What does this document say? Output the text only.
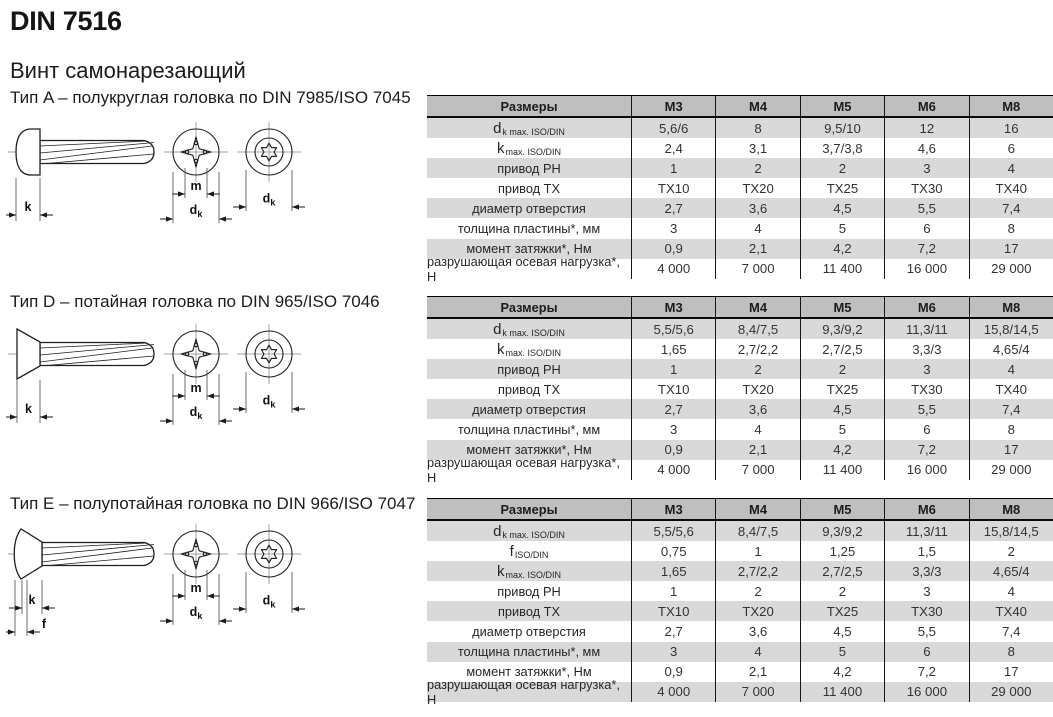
DIN 7516
Винт самонарезающий
Тип A – полукруглая головка по DIN 7985/ISO 7045
Тип D – потайная головка по DIN 965/ISO 7046
Тип E – полупотайная головка по DIN 966/ISO 7047
k
m
$d_k$
$d_k$
k
m
$d_k$
$d_k$
k
f
m
$d_k$
$d_k$
Размеры	M3	M4	M5	M6	M8
d k max. ISO/DIN	5,6/6	8	9,5/10	12	16
k max. ISO/DIN	2,4	3,1	3,7/3,8	4,6	6
привод PH	1	2	2	3	4
привод TX	TX10	TX20	TX25	TX30	TX40
диаметр отверстия	2,7	3,6	4,5	5,5	7,4
толщина пластины*, мм	3	4	5	6	8
момент затяжки*, Нм	0,9	2,1	4,2	7,2	17
разрушающая осевая нагрузка*, Н	4 000	7 000	11 400	16 000	29 000
Размеры	M3	M4	M5	M6	M8
d k max. ISO/DIN	5,5/5,6	8,4/7,5	9,3/9,2	11,3/11	15,8/14,5
k max. ISO/DIN	1,65	2,7/2,2	2,7/2,5	3,3/3	4,65/4
привод PH	1	2	2	3	4
привод TX	TX10	TX20	TX25	TX30	TX40
диаметр отверстия	2,7	3,6	4,5	5,5	7,4
толщина пластины*, мм	3	4	5	6	8
момент затяжки*, Нм	0,9	2,1	4,2	7,2	17
разрушающая осевая нагрузка*, Н	4 000	7 000	11 400	16 000	29 000
Размеры	M3	M4	M5	M6	M8
d k max. ISO/DIN	5,5/5,6	8,4/7,5	9,3/9,2	11,3/11	15,8/14,5
f ISO/DIN	0,75	1	1,25	1,5	2
k max. ISO/DIN	1,65	2,7/2,2	2,7/2,5	3,3/3	4,65/4
привод PH	1	2	2	3	4
привод TX	TX10	TX20	TX25	TX30	TX40
диаметр отверстия	2,7	3,6	4,5	5,5	7,4
толщина пластины*, мм	3	4	5	6	8
момент затяжки*, Нм	0,9	2,1	4,2	7,2	17
разрушающая осевая нагрузка*, Н	4 000	7 000	11 400	16 000	29 000
